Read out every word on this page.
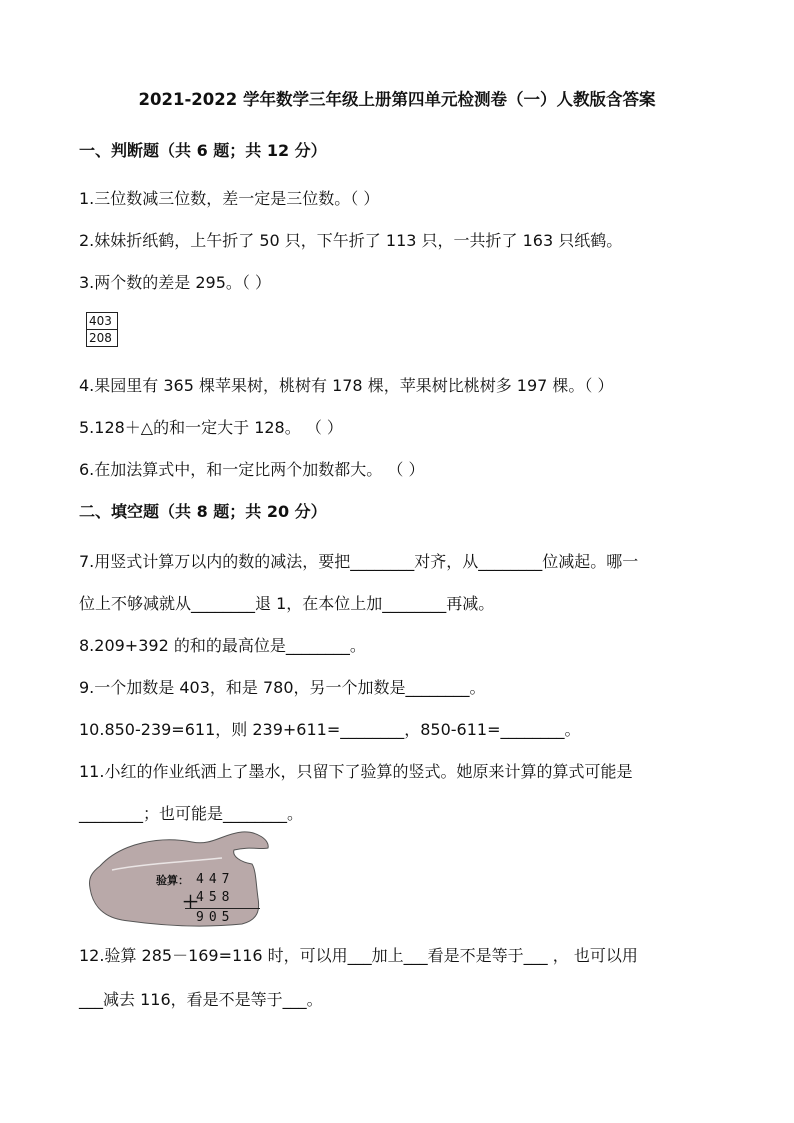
2021-2022 学年数学三年级上册第四单元检测卷（一）人教版含答案
一、判断题（共 6 题；共 12 分）
1.三位数减三位数，差一定是三位数。（ ）
2.妹妹折纸鹤，上午折了 50 只，下午折了 113 只，一共折了 163 只纸鹤。
3.两个数的差是 295。（ ）
403
208
4.果园里有 365 棵苹果树，桃树有 178 棵，苹果树比桃树多 197 棵。（ ）
5.128＋△的和一定大于 128。 （ ）
6.在加法算式中，和一定比两个加数都大。 （ ）
二、填空题（共 8 题；共 20 分）
7.用竖式计算万以内的数的减法，要把________对齐，从________位减起。哪一
位上不够减就从________退 1，在本位上加________再减。
8.209+392 的和的最高位是________。
9.一个加数是 403，和是 780，另一个加数是________。
10.850-239=611，则 239+611=________，850-611=________。
11.小红的作业纸洒上了墨水，只留下了验算的竖式。她原来计算的算式可能是
________；也可能是________。
验算： 447
＋
458
905
12.验算 285－169=116 时，可以用___加上___看是不是等于___ ， 也可以用
___减去 116，看是不是等于___。
